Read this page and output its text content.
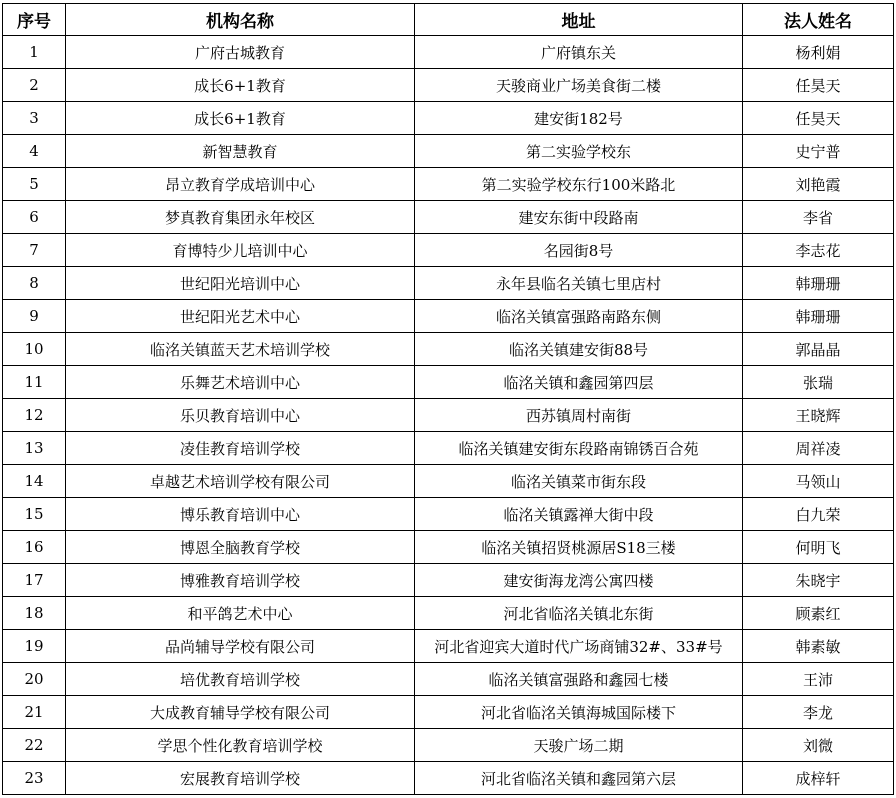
序号	机构名称	地址	法人姓名
1	广府古城教育	广府镇东关	杨利娟
2	成长6+1教育	天骏商业广场美食街二楼	任昊天
3	成长6+1教育	建安街182号	任昊天
4	新智慧教育	第二实验学校东	史宁普
5	昂立教育学成培训中心	第二实验学校东行100米路北	刘艳霞
6	梦真教育集团永年校区	建安东街中段路南	李省
7	育博特少儿培训中心	名园街8号	李志花
8	世纪阳光培训中心	永年县临名关镇七里店村	韩珊珊
9	世纪阳光艺术中心	临洺关镇富强路南路东侧	韩珊珊
10	临洺关镇蓝天艺术培训学校	临洺关镇建安街88号	郭晶晶
11	乐舞艺术培训中心	临洺关镇和鑫园第四层	张瑞
12	乐贝教育培训中心	西苏镇周村南街	王晓辉
13	凌佳教育培训学校	临洺关镇建安街东段路南锦锈百合苑	周祥凌
14	卓越艺术培训学校有限公司	临洺关镇菜市街东段	马领山
15	博乐教育培训中心	临洺关镇露禅大街中段	白九荣
16	博恩全脑教育学校	临洺关镇招贤桃源居S18三楼	何明飞
17	博雅教育培训学校	建安街海龙湾公寓四楼	朱晓宇
18	和平鸽艺术中心	河北省临洺关镇北东街	顾素红
19	品尚辅导学校有限公司	河北省迎宾大道时代广场商铺32#、33#号	韩素敏
20	培优教育培训学校	临洺关镇富强路和鑫园七楼	王沛
21	大成教育辅导学校有限公司	河北省临洺关镇海城国际楼下	李龙
22	学思个性化教育培训学校	天骏广场二期	刘微
23	宏展教育培训学校	河北省临洺关镇和鑫园第六层	成梓轩
